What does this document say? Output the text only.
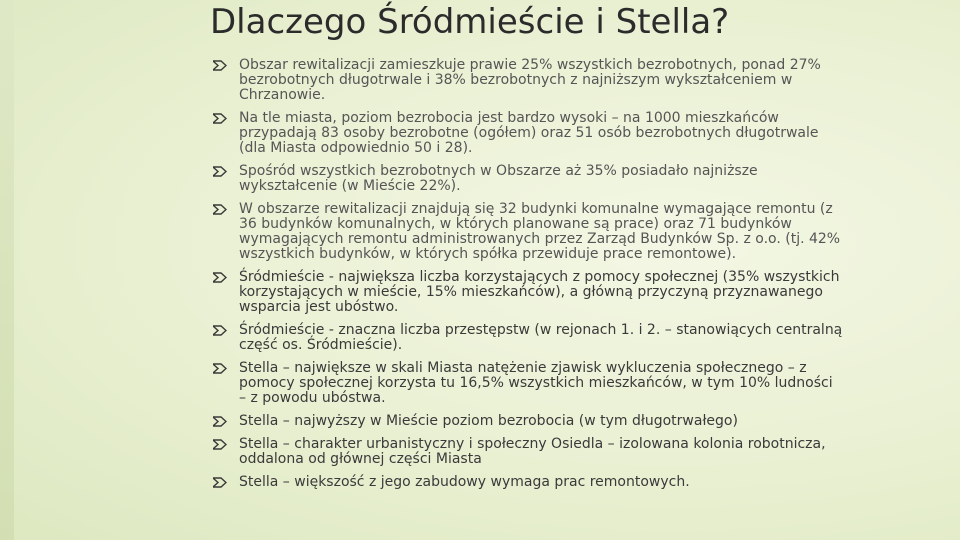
Dlaczego Śródmieście i Stella?
Obszar rewitalizacji zamieszkuje prawie 25% wszystkich bezrobotnych, ponad 27% bezrobotnych długotrwale i 38% bezrobotnych z najniższym wykształceniem w Chrzanowie.
Na tle miasta, poziom bezrobocia jest bardzo wysoki – na 1000 mieszkańców przypadają 83 osoby bezrobotne (ogółem) oraz 51 osób bezrobotnych długotrwale (dla Miasta odpowiednio 50 i 28).
Spośród wszystkich bezrobotnych w Obszarze aż 35% posiadało najniższe wykształcenie (w Mieście 22%).
W obszarze rewitalizacji znajdują się 32 budynki komunalne wymagające remontu (z 36 budynków komunalnych, w których planowane są prace) oraz 71 budynków wymagających remontu administrowanych przez Zarząd Budynków Sp. z o.o. (tj. 42% wszystkich budynków, w których spółka przewiduje prace remontowe).
Śródmieście - największa liczba korzystających z pomocy społecznej (35% wszystkich korzystających w mieście, 15% mieszkańców), a główną przyczyną przyznawanego wsparcia jest ubóstwo.
Śródmieście - znaczna liczba przestępstw (w rejonach 1. i 2. – stanowiących centralną część os. Śródmieście).
Stella – największe w skali Miasta natężenie zjawisk wykluczenia społecznego – z pomocy społecznej korzysta tu 16,5% wszystkich mieszkańców, w tym 10% ludności – z powodu ubóstwa.
Stella – najwyższy w Mieście poziom bezrobocia (w tym długotrwałego)
Stella – charakter urbanistyczny i społeczny Osiedla – izolowana kolonia robotnicza, oddalona od głównej części Miasta
Stella – większość z jego zabudowy wymaga prac remontowych.
